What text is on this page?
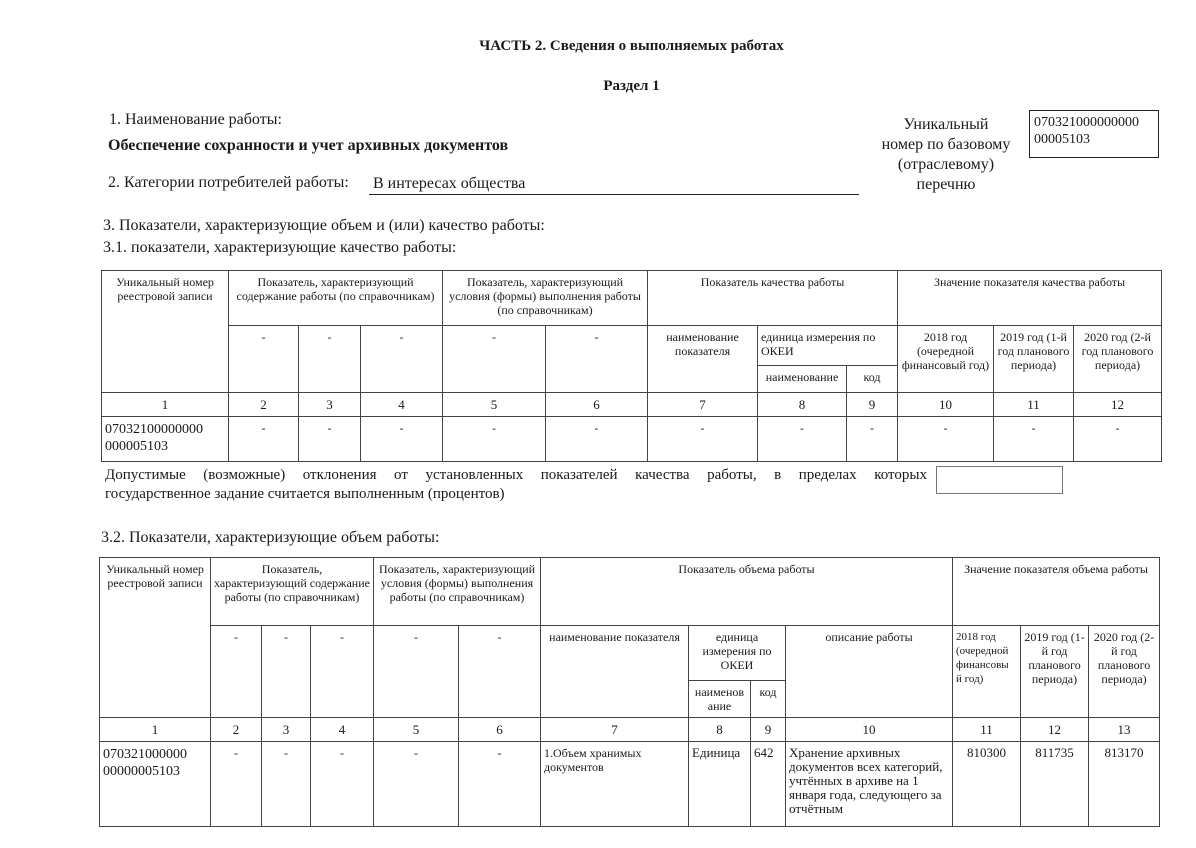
ЧАСТЬ 2. Сведения о выполняемых работах
Раздел 1
1. Наименование работы:
Обеспечение сохранности и учет архивных документов
2. Категории потребителей работы: В интересах общества
Уникальный
номер по базовому
(отраслевому)
перечню
070321000000000
00005103
3. Показатели, характеризующие объем и (или) качество работы:
3.1. показатели, характеризующие качество работы:
Уникальный номер реестровой записи	Показатель, характеризующий содержание работы (по справочникам)			Показатель, характеризующий условия (формы) выполнения работы (по справочникам)		Показатель качества работы			Значение показателя качества работы		
	-	-	-	-	-	наименование показателя	единица измерения по ОКЕИ		2018 год (очередной финансовый год)	2019 год (1-й год планового периода)	2020 год (2-й год планового периода)
							наименование	код			
1	2	3	4	5	6	7	8	9	10	11	12

07032100000000
000005103	-	-	-	-	-	-	-	-	-	-	-
Допустимые (возможные) отклонения от установленных показателей качества работы, в пределах которых
государственное задание считается выполненным (процентов)
3.2. Показатели, характеризующие объем работы:
Уникальный номер реестровой записи	Показатель, характеризующий содержание работы (по справочникам)			Показатель, характеризующий условия (формы) выполнения работы (по справочникам)		Показатель объема работы				Значение показателя объема работы		
	-	-	-	-	-	наименование показателя	единица измерения по ОКЕИ		описание работы	2018 год (очередной финансовы й год)	2019 год (1-й год планового периода)	2020 год (2-й год планового периода)
							наименов ание	код				
1	2	3	4	5	6	7	8	9	10	11	12	13

070321000000
00000005103	-	-	-	-	-	1.Объем хранимых документов	Единица	642	Хранение архивных документов всех категорий, учтённых в архиве на 1 января года, следующего за отчётным	810300	811735	813170
